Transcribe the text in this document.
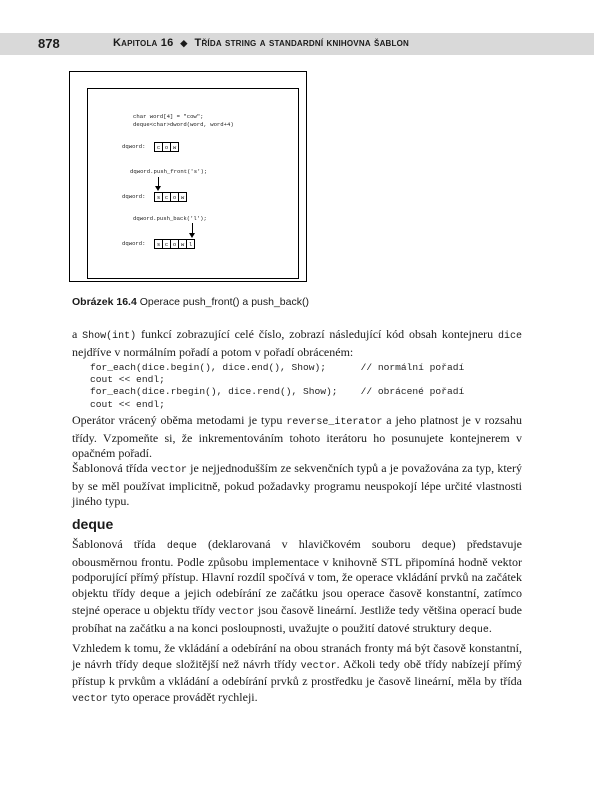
878	Kapitola 16 ◆ Třída string a standardní knihovna šablon
char word[4] = "cow";
deque<char>dword(word, word+4)
dqword:	c o w
dqword.push_front('s');
dqword:	s c o w
dqword.push_back('l');
dqword:	s c o w l
Obrázek 16.4 Operace push_front() a push_back()
a Show(int) funkcí zobrazující celé číslo, zobrazí následující kód obsah kontejneru dice nejdříve v normálním pořadí a potom v pořadí obráceném:
for_each(dice.begin(), dice.end(), Show);      // normální pořadí
cout << endl;
for_each(dice.rbegin(), dice.rend(), Show);    // obrácené pořadí
cout << endl;
Operátor vrácený oběma metodami je typu reverse_iterator a jeho platnost je v rozsahu třídy. Vzpomeňte si, že inkrementováním tohoto iterátoru ho posunujete kontejnerem v opačném pořadí.
Šablonová třída vector je nejjednodušším ze sekvenčních typů a je považována za typ, který by se měl používat implicitně, pokud požadavky programu neuspokojí lépe určité vlastnosti jiného typu.
deque
Šablonová třída deque (deklarovaná v hlavičkovém souboru deque) představuje obousměrnou frontu. Podle způsobu implementace v knihovně STL připomíná hodně vektor podporující přímý přístup. Hlavní rozdíl spočívá v tom, že operace vkládání prvků na začátek objektu třídy deque a jejich odebírání ze začátku jsou operace časově konstantní, zatímco stejné operace u objektu třídy vector jsou časově lineární. Jestliže tedy většina operací bude probíhat na začátku a na konci posloupnosti, uvažujte o použití datové struktury deque.
Vzhledem k tomu, že vkládání a odebírání na obou stranách fronty má být časově konstantní, je návrh třídy deque složitější než návrh třídy vector. Ačkoli tedy obě třídy nabízejí přímý přístup k prvkům a vkládání a odebírání prvků z prostředku je časově lineární, měla by třída vector tyto operace provádět rychleji.
